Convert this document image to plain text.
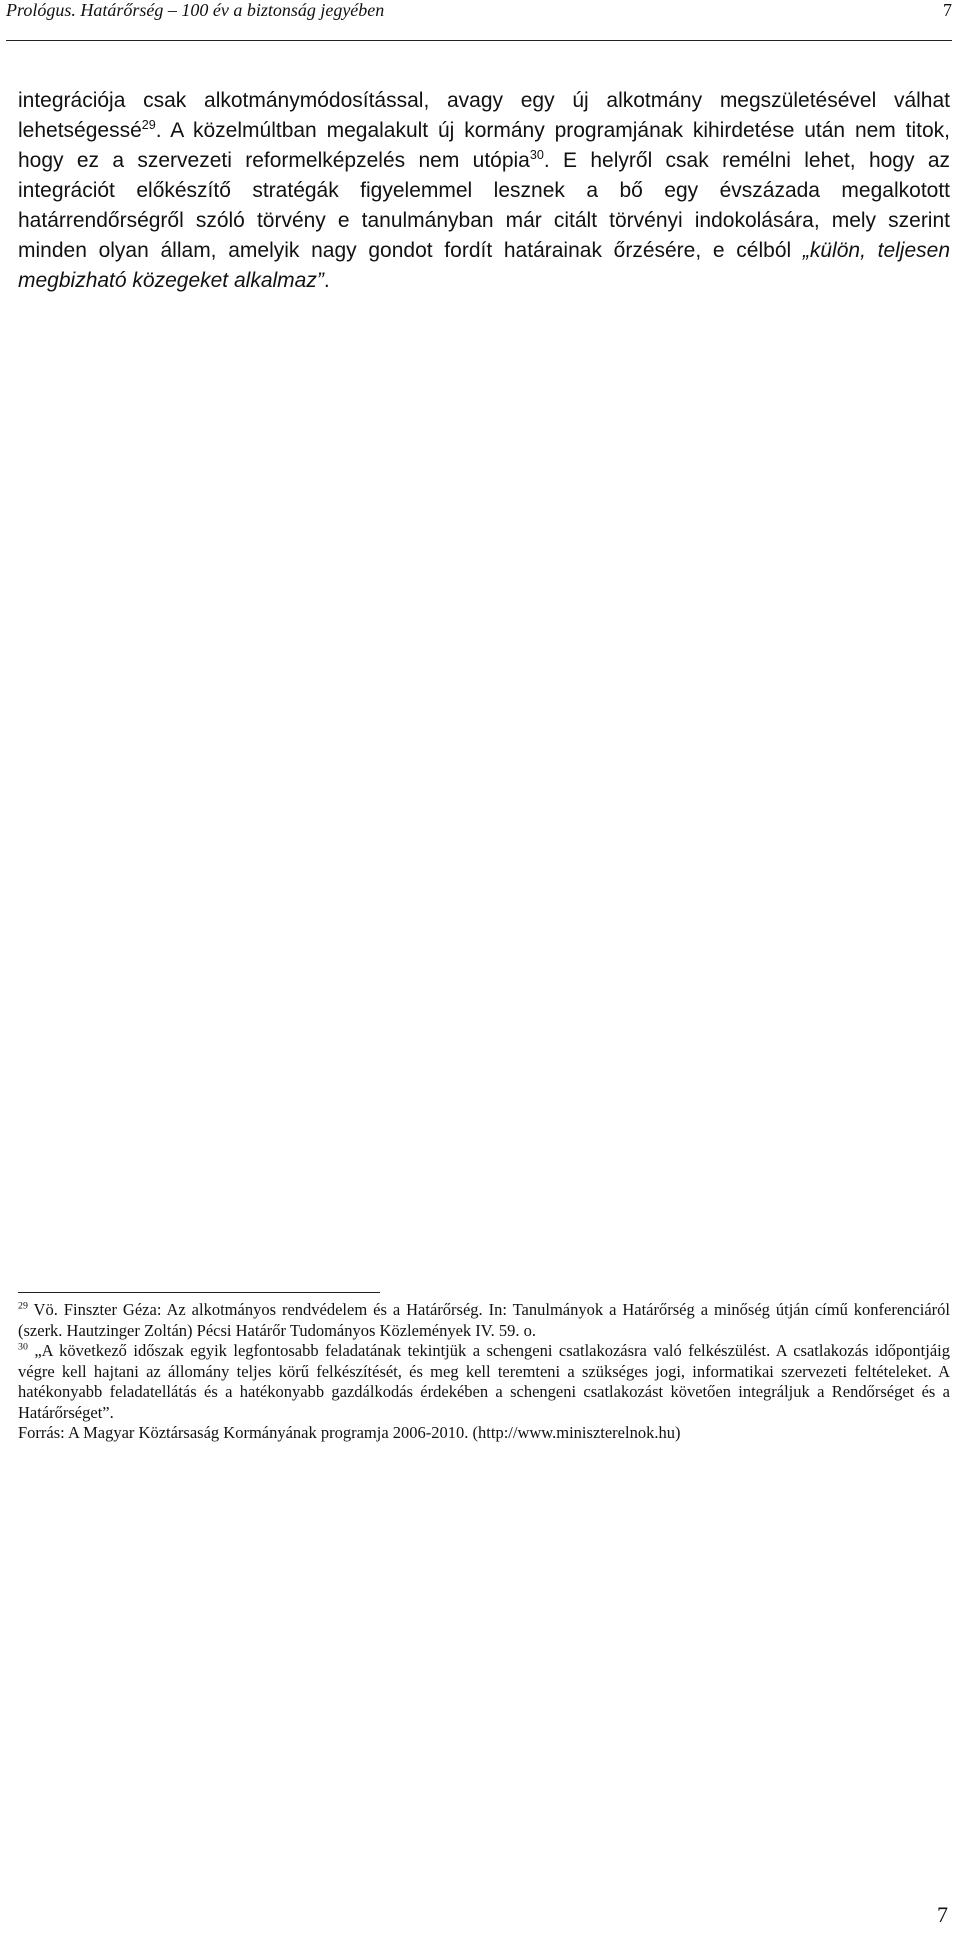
Prológus. Határőrség – 100 év a biztonság jegyében	7

integrációja csak alkotmánymódosítással, avagy egy új alkotmány megszületésével válhat lehetségessé$^{29}$. A közelmúltban megalakult új kormány programjának kihirdetése után nem titok, hogy ez a szervezeti reformelképzelés nem utópia$^{30}$. E helyről csak remélni lehet, hogy az integrációt előkészítő stratégák figyelemmel lesznek a bő egy évszázada megalkotott határrendőrségről szóló törvény e tanulmányban már citált törvényi indokolására, mely szerint minden olyan állam, amelyik nagy gondot fordít határainak őrzésére, e célból „külön, teljesen megbizható közegeket alkalmaz”.

$^{29}$ Vö. Finszter Géza: Az alkotmányos rendvédelem és a Határőrség. In: Tanulmányok a Határőrség a minőség útján című konferenciáról (szerk. Hautzinger Zoltán) Pécsi Határőr Tudományos Közlemények IV. 59. o.

$^{30}$ „A következő időszak egyik legfontosabb feladatának tekintjük a schengeni csatlakozásra való felkészülést. A csatlakozás időpontjáig végre kell hajtani az állomány teljes körű felkészítését, és meg kell teremteni a szükséges jogi, informatikai szervezeti feltételeket. A hatékonyabb feladatellátás és a hatékonyabb gazdálkodás érdekében a schengeni csatlakozást követően integráljuk a Rendőrséget és a Határőrséget”.

Forrás: A Magyar Köztársaság Kormányának programja 2006-2010. (http://www.miniszterelnok.hu)

7
